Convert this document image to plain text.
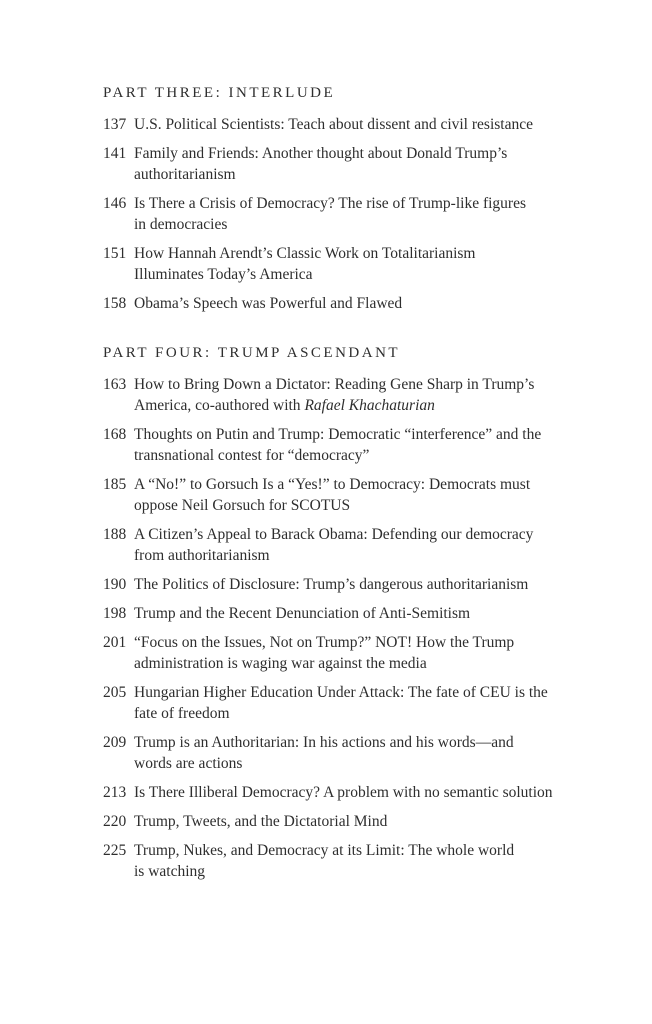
PART THREE: INTERLUDE
137 U.S. Political Scientists: Teach about dissent and civil resistance
141 Family and Friends: Another thought about Donald Trump’s
authoritarianism
146 Is There a Crisis of Democracy? The rise of Trump-like figures
in democracies
151 How Hannah Arendt’s Classic Work on Totalitarianism
Illuminates Today’s America
158 Obama’s Speech was Powerful and Flawed
PART FOUR: TRUMP ASCENDANT
163 How to Bring Down a Dictator: Reading Gene Sharp in Trump’s
America, co-authored with Rafael Khachaturian
168 Thoughts on Putin and Trump: Democratic “interference” and the
transnational contest for “democracy”
185 A “No!” to Gorsuch Is a “Yes!” to Democracy: Democrats must
oppose Neil Gorsuch for SCOTUS
188 A Citizen’s Appeal to Barack Obama: Defending our democracy
from authoritarianism
190 The Politics of Disclosure: Trump’s dangerous authoritarianism
198 Trump and the Recent Denunciation of Anti-Semitism
201 “Focus on the Issues, Not on Trump?” NOT! How the Trump
administration is waging war against the media
205 Hungarian Higher Education Under Attack: The fate of CEU is the
fate of freedom
209 Trump is an Authoritarian: In his actions and his words—and
words are actions
213 Is There Illiberal Democracy? A problem with no semantic solution
220 Trump, Tweets, and the Dictatorial Mind
225 Trump, Nukes, and Democracy at its Limit: The whole world
is watching
